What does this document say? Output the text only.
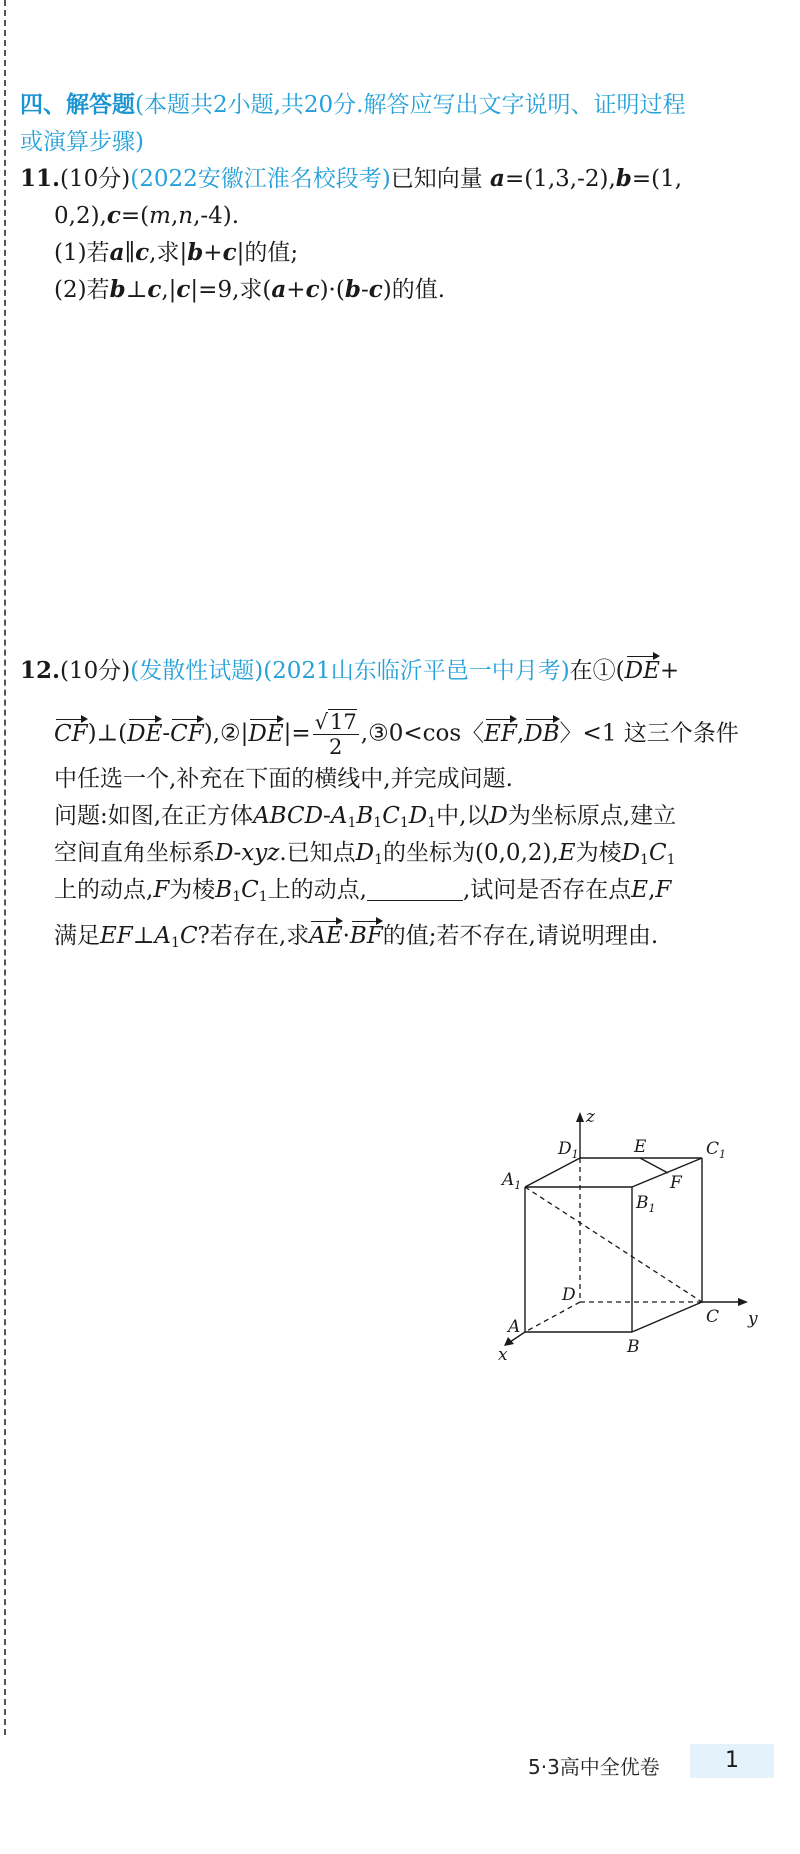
四、解答题(本题共2小题,共20分.解答应写出文字说明、证明过程
或演算步骤)
11.(10分)(2022安徽江淮名校段考)已知向量 a=(1,3,-2),b=(1,
0,2),c=(m,n,-4).
(1)若a∥c,求|b+c|的值;
(2)若b⊥c,|c|=9,求(a+c)·(b-c)的值.
12.(10分)(发散性试题)(2021山东临沂平邑一中月考)在①(DE+
CF)⊥(DE-CF),②|DE|= $\frac{√17}{2}$ ,③0<cos〈EF,DB〉<1 这三个条件
中任选一个,补充在下面的横线中,并完成问题.
问题:如图,在正方体ABCD-$A_1B_1C_1D_1$中,以D为坐标原点,建立
空间直角坐标系D-xyz.已知点$D_1$的坐标为(0,0,2),E为棱$D_1C_1$
上的动点,F为棱$B_1C_1$上的动点,	,试问是否存在点E,F
满足$EF\perp A_1C$?若存在,求AE·BF的值;若不存在,请说明理由.
$D_1$
z
E	$C_1$
$A_1$	F
$B_1$
D
C y
A
B
x
5·3高中全优卷	1
